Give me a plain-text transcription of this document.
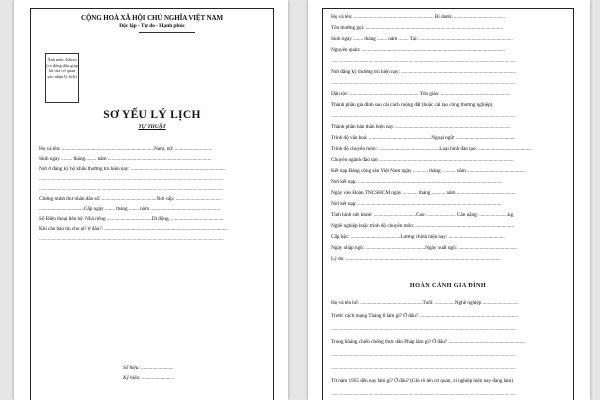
CỘNG HOÀ XÃ HỘI CHỦ NGHĨA VIỆT NAM
Độc lập - Tự do - Hạnh phúc
Ảnh màu 4x6cm (có đóng dấu giáp lai của cơ quan xác nhận lý lịch)
SƠ YẾU LÝ LỊCH
TỰ THUẬT
Họ và tên: ..........................................................................Nam, nữ: ..............................
Sinh ngày ......... tháng......... năm ...................................................................................
Nơi ở đăng ký hộ khẩu thường trú hiện nay: ............................................................................
....................................................................................................................................................
....................................................................................................................................................
Chứng minh thư nhân dân số: ............................................Nơi cấp: .....................................
....................................Cấp ngày ........ tháng ........ năm ........................................................
Số Điện thoại liên hệ: Nhà riêng ....................................Di động. ..........................................
Khi cần báo tin cho ai? ở đâu?: ...................................................................................................
....................................................................................................................................................
Số hiệu: ..........................
Ký hiệu: ..........................
Họ và tên: ................................................................ Bí danh: .........................................
Tên thường gọi: ..............................................................................................................
Sinh ngày ........ tháng ........ năm ........ Tại: ...........................................................................
Nguyên quán: ...................................................................................................................
....................................................................................................................................................
Nơi đăng ký thường trú hiện nay: ............................................................................................
....................................................................................................................................................
Dân tộc: ....................................................... Tôn giáo: .......................................................
Thành phần gia đình sau cải cách ruộng đất (hoặc cải tạo công thương nghiệp)
....................................................................................................................................................
Thành phần bản thân hiện nay: ............................................................................................
Trình độ văn hoá: ..................................................Ngoại ngữ: ................................................
Trình độ chuyên môn: .................................................Loại hình đào tạo: ...........................................
Chuyên ngành đào tạo: ...........................................................................................................
Kết nạp Đảng cộng sản Việt Nam ngày ............ tháng ........... năm ...............................................
Nơi kết nạp: ...................................................................................................................
Ngày vào Đoàn TNCSHCM ngày ............ tháng ........... năm ...............................................
Nơi kết nạp: ...................................................................................................................
Tình hình sức khoẻ: ..................................Cao: ....................... Cân nặng: .......................kg
Nghề nghiệp hoặc trình độ chuyên môn: ...............................................................................
Cấp bậc: ........................................Lương chính hiện nay: .............................................
Ngày nhập ngũ: ................................................Ngày xuất ngũ: ...............................................
Lý do: ............................................................................................................................
HOÀN CẢNH GIA ĐÌNH
Họ và tên bố: ..................................................Tuổi: ................Nghề nghiệp .............................
Trước cách mạng Tháng 8 làm gì? Ở đâu? ...............................................................................
....................................................................................................................................................
Trong kháng chiến chống thực dân Pháp làm gì? Ở đâu? ..............................................................
....................................................................................................................................................
....................................................................................................................................................
Từ năm 1955 đến nay làm gì? Ở đâu? (Ghi rõ tên cơ quan, xí nghiệp hiện nay đang làm)
....................................................................................................................................................
